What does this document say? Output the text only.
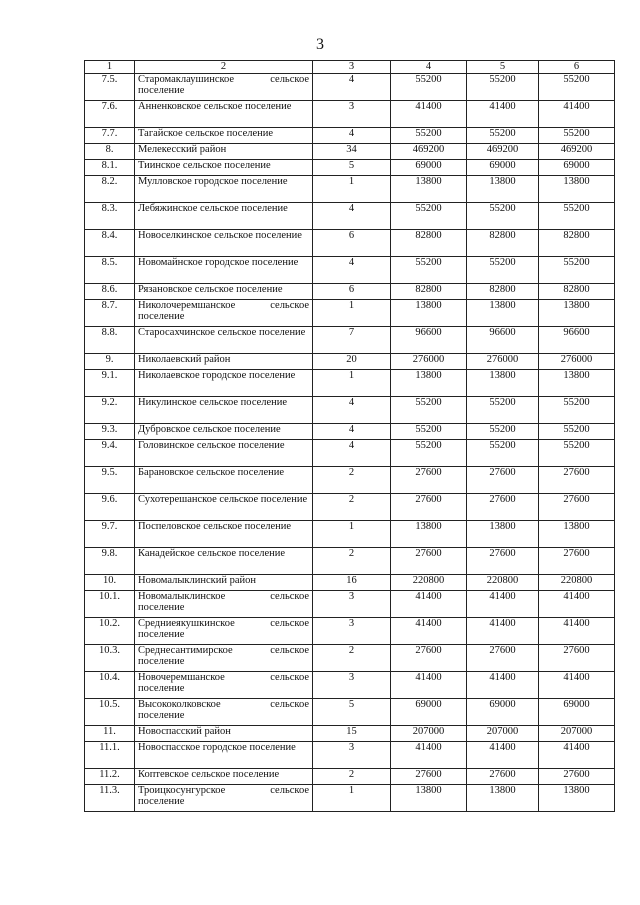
3
1	2	3	4	5	6
7.5.	Старомаклаушинское сельское поселение	4	55200	55200	55200
7.6.	Анненковское сельское поселение	3	41400	41400	41400
7.7.	Тагайское сельское поселение	4	55200	55200	55200
8.	Мелекесский район	34	469200	469200	469200
8.1.	Тиинское сельское поселение	5	69000	69000	69000
8.2.	Мулловское городское поселение	1	13800	13800	13800
8.3.	Лебяжинское сельское поселение	4	55200	55200	55200
8.4.	Новоселкинское сельское поселение	6	82800	82800	82800
8.5.	Новомайнское городское поселение	4	55200	55200	55200
8.6.	Рязановское сельское поселение	6	82800	82800	82800
8.7.	Николочеремшанское сельское поселение	1	13800	13800	13800
8.8.	Старосахчинское сельское поселение	7	96600	96600	96600
9.	Николаевский район	20	276000	276000	276000
9.1.	Николаевское городское поселение	1	13800	13800	13800
9.2.	Никулинское сельское поселение	4	55200	55200	55200
9.3.	Дубровское сельское поселение	4	55200	55200	55200
9.4.	Головинское сельское поселение	4	55200	55200	55200
9.5.	Барановское сельское поселение	2	27600	27600	27600
9.6.	Сухотерешанское сельское поселение	2	27600	27600	27600
9.7.	Поспеловское сельское поселение	1	13800	13800	13800
9.8.	Канадейское сельское поселение	2	27600	27600	27600
10.	Новомалыклинский район	16	220800	220800	220800
10.1.	Новомалыклинское сельское поселение	3	41400	41400	41400
10.2.	Средниеякушкинское сельское поселение	3	41400	41400	41400
10.3.	Среднесантимирское сельское поселение	2	27600	27600	27600
10.4.	Новочеремшанское сельское поселение	3	41400	41400	41400
10.5.	Высококолковское сельское поселение	5	69000	69000	69000
11.	Новоспасский район	15	207000	207000	207000
11.1.	Новоспасское городское поселение	3	41400	41400	41400
11.2.	Коптевское сельское поселение	2	27600	27600	27600
11.3.	Троицкосунгурское сельское поселение	1	13800	13800	13800
